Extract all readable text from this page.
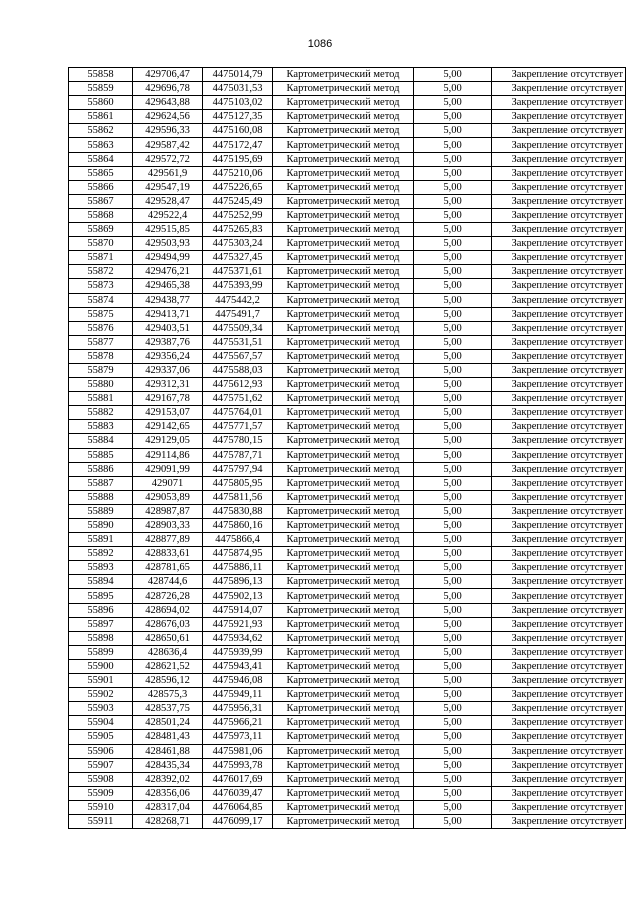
1086
55858	429706,47	4475014,79	Картометрический метод	5,00	Закрепление отсутствует
55859	429696,78	4475031,53	Картометрический метод	5,00	Закрепление отсутствует
55860	429643,88	4475103,02	Картометрический метод	5,00	Закрепление отсутствует
55861	429624,56	4475127,35	Картометрический метод	5,00	Закрепление отсутствует
55862	429596,33	4475160,08	Картометрический метод	5,00	Закрепление отсутствует
55863	429587,42	4475172,47	Картометрический метод	5,00	Закрепление отсутствует
55864	429572,72	4475195,69	Картометрический метод	5,00	Закрепление отсутствует
55865	429561,9	4475210,06	Картометрический метод	5,00	Закрепление отсутствует
55866	429547,19	4475226,65	Картометрический метод	5,00	Закрепление отсутствует
55867	429528,47	4475245,49	Картометрический метод	5,00	Закрепление отсутствует
55868	429522,4	4475252,99	Картометрический метод	5,00	Закрепление отсутствует
55869	429515,85	4475265,83	Картометрический метод	5,00	Закрепление отсутствует
55870	429503,93	4475303,24	Картометрический метод	5,00	Закрепление отсутствует
55871	429494,99	4475327,45	Картометрический метод	5,00	Закрепление отсутствует
55872	429476,21	4475371,61	Картометрический метод	5,00	Закрепление отсутствует
55873	429465,38	4475393,99	Картометрический метод	5,00	Закрепление отсутствует
55874	429438,77	4475442,2	Картометрический метод	5,00	Закрепление отсутствует
55875	429413,71	4475491,7	Картометрический метод	5,00	Закрепление отсутствует
55876	429403,51	4475509,34	Картометрический метод	5,00	Закрепление отсутствует
55877	429387,76	4475531,51	Картометрический метод	5,00	Закрепление отсутствует
55878	429356,24	4475567,57	Картометрический метод	5,00	Закрепление отсутствует
55879	429337,06	4475588,03	Картометрический метод	5,00	Закрепление отсутствует
55880	429312,31	4475612,93	Картометрический метод	5,00	Закрепление отсутствует
55881	429167,78	4475751,62	Картометрический метод	5,00	Закрепление отсутствует
55882	429153,07	4475764,01	Картометрический метод	5,00	Закрепление отсутствует
55883	429142,65	4475771,57	Картометрический метод	5,00	Закрепление отсутствует
55884	429129,05	4475780,15	Картометрический метод	5,00	Закрепление отсутствует
55885	429114,86	4475787,71	Картометрический метод	5,00	Закрепление отсутствует
55886	429091,99	4475797,94	Картометрический метод	5,00	Закрепление отсутствует
55887	429071	4475805,95	Картометрический метод	5,00	Закрепление отсутствует
55888	429053,89	4475811,56	Картометрический метод	5,00	Закрепление отсутствует
55889	428987,87	4475830,88	Картометрический метод	5,00	Закрепление отсутствует
55890	428903,33	4475860,16	Картометрический метод	5,00	Закрепление отсутствует
55891	428877,89	4475866,4	Картометрический метод	5,00	Закрепление отсутствует
55892	428833,61	4475874,95	Картометрический метод	5,00	Закрепление отсутствует
55893	428781,65	4475886,11	Картометрический метод	5,00	Закрепление отсутствует
55894	428744,6	4475896,13	Картометрический метод	5,00	Закрепление отсутствует
55895	428726,28	4475902,13	Картометрический метод	5,00	Закрепление отсутствует
55896	428694,02	4475914,07	Картометрический метод	5,00	Закрепление отсутствует
55897	428676,03	4475921,93	Картометрический метод	5,00	Закрепление отсутствует
55898	428650,61	4475934,62	Картометрический метод	5,00	Закрепление отсутствует
55899	428636,4	4475939,99	Картометрический метод	5,00	Закрепление отсутствует
55900	428621,52	4475943,41	Картометрический метод	5,00	Закрепление отсутствует
55901	428596,12	4475946,08	Картометрический метод	5,00	Закрепление отсутствует
55902	428575,3	4475949,11	Картометрический метод	5,00	Закрепление отсутствует
55903	428537,75	4475956,31	Картометрический метод	5,00	Закрепление отсутствует
55904	428501,24	4475966,21	Картометрический метод	5,00	Закрепление отсутствует
55905	428481,43	4475973,11	Картометрический метод	5,00	Закрепление отсутствует
55906	428461,88	4475981,06	Картометрический метод	5,00	Закрепление отсутствует
55907	428435,34	4475993,78	Картометрический метод	5,00	Закрепление отсутствует
55908	428392,02	4476017,69	Картометрический метод	5,00	Закрепление отсутствует
55909	428356,06	4476039,47	Картометрический метод	5,00	Закрепление отсутствует
55910	428317,04	4476064,85	Картометрический метод	5,00	Закрепление отсутствует
55911	428268,71	4476099,17	Картометрический метод	5,00	Закрепление отсутствует
